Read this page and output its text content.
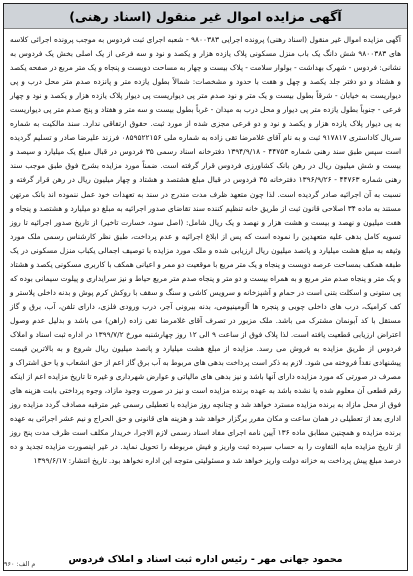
آگهی مزایده اموال غیر منقول (اسناد رهنی)

آگهی مزایده اموال غیر منقول (اسناد رهنی) پرونده اجرایی ۹۸۰۰۳۸۳ - شعبه اجرای ثبت فردوس به موجب پرونده اجرائی کلاسه های ۹۸۰۰۳۸۳ شش دانگ یک باب منزل مسکونی پلاک یازده هزار و یکصد و نود و سه فرعی از یک اصلی بخش یک فردوس به نشانی: فردوس - شهرک بهداشت - بولوار سلامت - پلاک بیست و چهار به مساحت دویست و پنجاه و یک متر مربع در صفحه یکصد و هشتاد و دو دفتر جلد یکصد و چهل و هفت با حدود و مشخصات: شمالاً بطول یازده متر و پانزده صدم متر محل درب و پی دیواریست به خیابان - شرقاً بطول بیست و یک متر و نود صدم متر پی دیواریست پی دیوار پلاک یازده هزار و یکصد و نود و چهار فرعی - جنوباً بطول یازده متر پی دیوار و محل درب به میدان - غرباً بطول بیست و سه متر و هفتاد و پنج صدم متر پی دیواریست به پی دیوار پلاک یازده هزار و یکصد و نود و دو فرعی مجزی شده از مورد ثبت. حقوق ارتفاقی ندارد. سند مالکیت به شماره سریال کاداستری ۹۱۷۸۱۷ ثبت و به نام آقای غلامرضا تقی زاده به شماره ملی ۰۸۵۹۵۲۲۱۵۶ فرزند علیرضا صادر و تسلیم گردیده است سپس طبق سند رهنی شماره ۴۴۷۵۳ - ۱۳۹۴/۹/۱۸ دفترخانه اسناد رسمی ۳۵ فردوس در قبال مبلغ یک میلیارد و سیصد و بیست و شش میلیون ریال در رهن بانک کشاورزی فردوس قرار گرفته است. ضمناً مورد مزایده بشرح فوق طبق موجب سند رهنی شماره ۴۴۷۶۳ - ۱۳۹۶/۹/۲۶ دفترخانه ۳۵ فردوس در قبال مبلغ هشتصد و هشتاد و چهار میلیون ریال در رهن قرار گرفته و نسبت به آن اجرائیه صادر گردیده است. لذا چون متعهد ظرف مدت مندرج در سند به تعهدات خود عمل ننموده اند بانک مرتهن مستند به ماده ۳۴ اصلاحی قانون ثبت از طریق خانه تنظیم کننده سند تقاضای صدور اجرائیه به مبلغ دو میلیارد و هشتصد و پنجاه و هفت میلیون و نهصد و بیست و هشت هزار و نهصد و یک ریال شامل: (اصل سود، خسارت تاخیر) از تاریخ صدور اجرائیه تا روز تسویه کامل بدهی علیه متعهدین را نموده است که پس از ابلاغ اجرائیه و عدم پرداخت، طبق نظر کارشناس رسمی ملک مورد وثیقه به مبلغ هشت میلیارد و پانصد میلیون ریال ارزیابی شده و ملک مورد مزایده با توصیف اجمالی یکباب منزل مسکونی در یک طبقه همکف بمساحت عرصه دویست و پنجاه و یک متر مربع با موقعیت دو ممر و اعیانی همکف با کاربری مسکونی یکصد و هشتاد و یک متر و پنجاه صدم متر مربع و به همراه بیست و دو متر و پنجاه صدم متر مربع حیاط و نیز سرایداری و پیلوت سیمانی بوده که پی ستونی و اسکلت بتنی است در حمام و آشپزخانه و سرویس کاشی و سنگ و سقف با روکش کرم پوش و بدنه داخلی پلاستر و کف کرامیک، درب های داخلی چوبی و پنجره ها آلومینیومی، بدنه بیرونی آجر، درب ورودی فلزی، دارای تلفن، آب، برق و گاز مستقل با کد آبونمان مشترک می باشد. ملک مزبور در تصرف آقای غلامرضا تقی زاده (راهن) می باشد و بدلیل عدم وصول اعتراض ارزیابی قطعیت یافته است. لذا پلاک فوق از ساعت ۹ الی ۱۲ روز چهارشنبه مورخ ۱۳۹۹/۷/۲ در اداره ثبت اسناد و املاک فردوس از طریق مزایده به فروش می رسد. مزایده از مبلغ هشت میلیارد و پانصد میلیون ریال شروع و به بالاترین قیمت پیشنهادی نقداً فروخته می شود. لازم به ذکر است پرداخت بدهی های مربوط به آب برق گاز اعم از حق انشعاب و یا حق اشتراک و مصرف در صورتی که مورد مزایده دارای آنها باشد و نیز بدهی های مالیاتی و عوارض شهرداری و غیره تا تاریخ مزایده اعم از اینکه رقم قطعی آن معلوم شده یا نشده باشد به عهده برنده مزایده است و نیز در صورت وجود مازاد، وجوه پرداختی بابت هزینه های فوق از محل مازاد به برنده مزایده مسترد خواهد شد و چنانچه روز مزایده با تعطیلی رسمی غیر مترقبه مصادف گردد مزایده روز اداری بعد از تعطیلی در همان ساعت و مکان مقرر برگزار خواهد شد و هزینه های قانونی و حق الحراج و نیم عشر اجرائی به عهده برنده مزایده و همچنین مطابق ماده ۱۳۶ آیین نامه اجرای مفاد اسناد رسمی لازم الاجرا، خریدار مکلف است ظرف مدت پنج روز از تاریخ مزایده مابه التفاوت را به حساب سپرده ثبت واریز و فیش مربوطه را تحویل نماید. در غیر اینصورت مزایده تجدید و ده درصد مبلغ پیش پرداخت به خزانه دولت واریز خواهد شد و مسئولیتی متوجه این اداره نخواهد بود. تاریخ انتشار: ۱۳۹۹/۶/۱۷

محمود جهانی مهر - رئیس اداره ثبت اسناد و املاک فردوس
م الف: ۹۶۰
